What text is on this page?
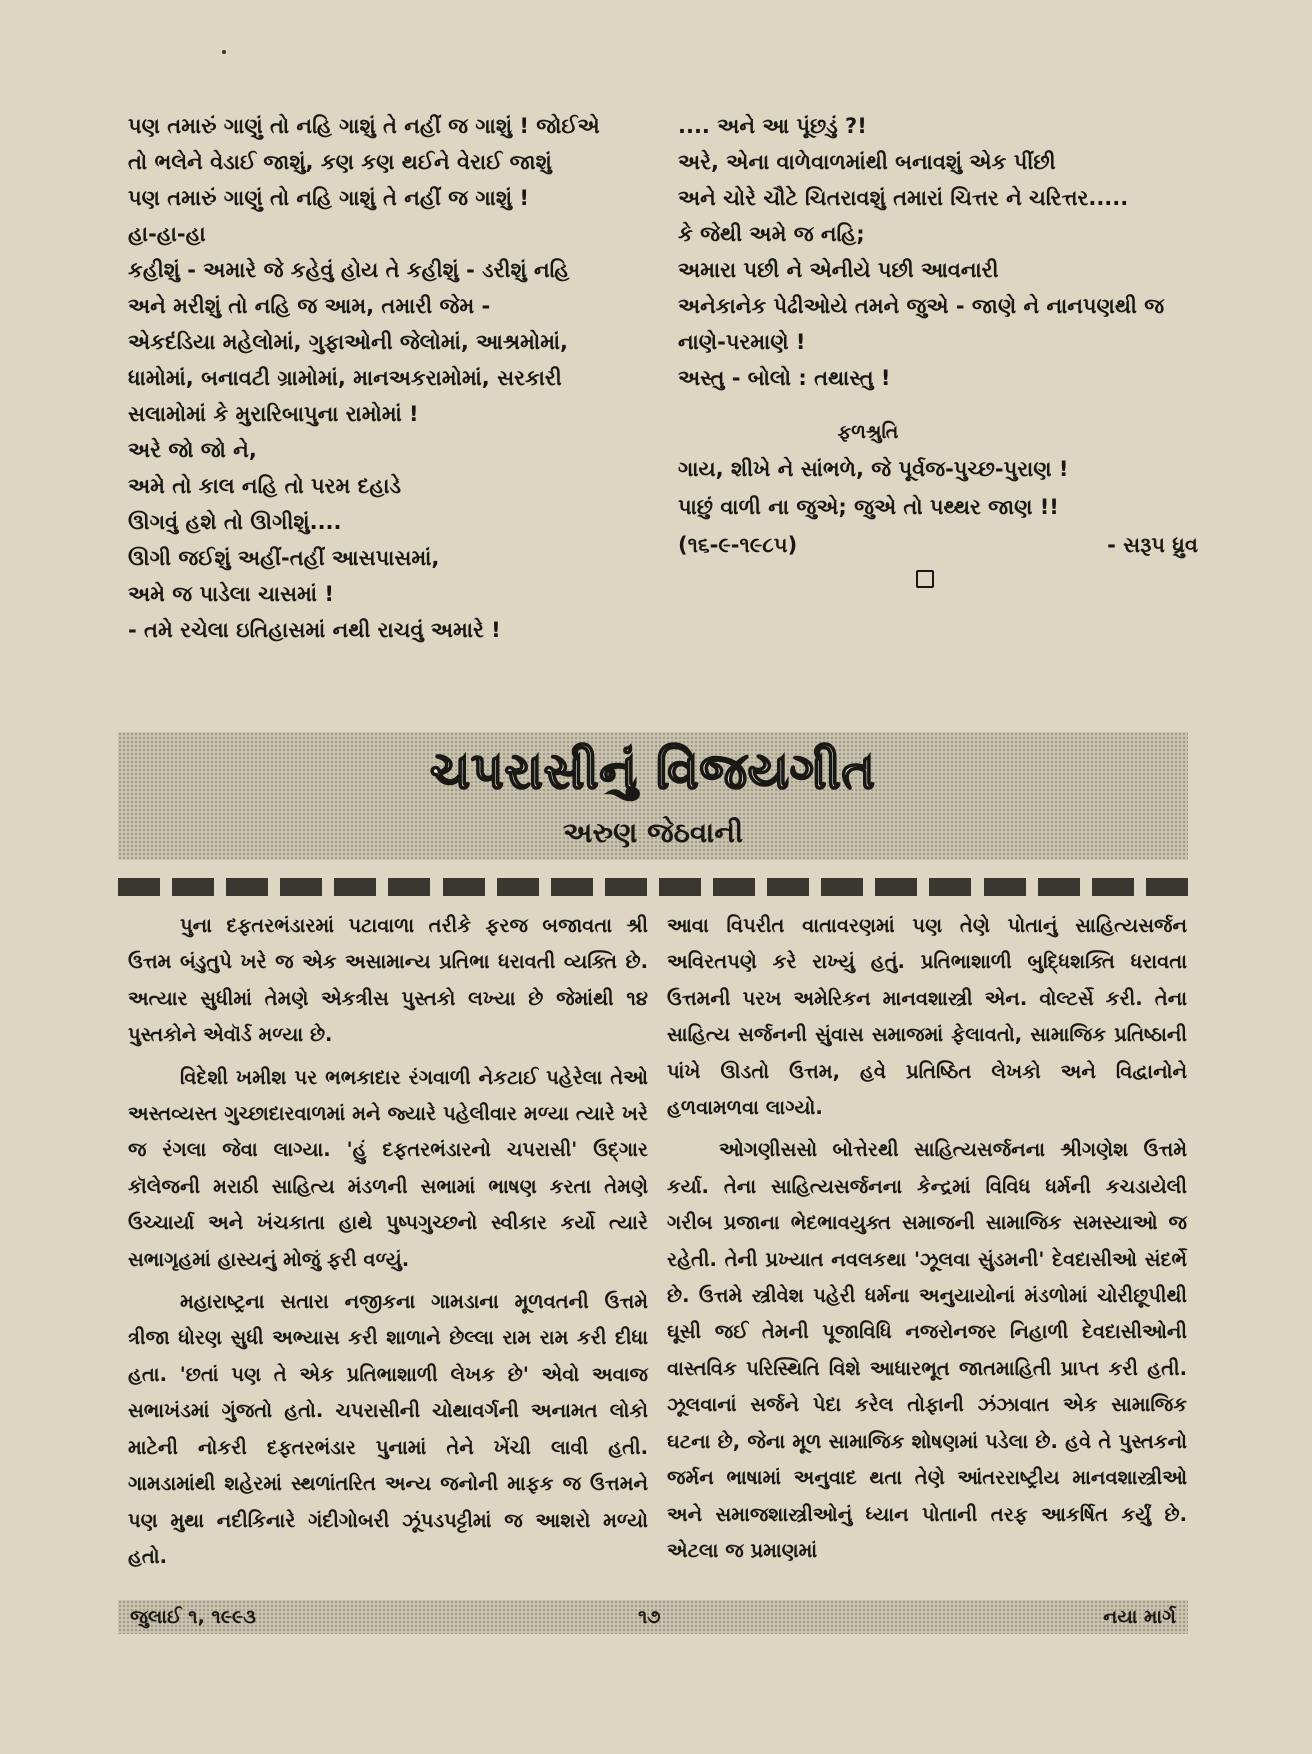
પણ તમારું ગાણું તો નહિ ગાશું તે નહીં જ ગાશું ! જોઈએ
તો ભલેને વેડાઈ જાશું, કણ કણ થઈને વેરાઈ જાશું
પણ તમારું ગાણું તો નહિ ગાશું તે નહીં જ ગાશું !
હા-હા-હા
કહીશું - અમારે જે કહેવું હોય તે કહીશું - ડરીશું નહિ
અને મરીશું તો નહિ જ આમ, તમારી જેમ -
એકદંડિયા મહેલોમાં, ગુફાઓની જેલોમાં, આશ્રમોમાં,
ધામોમાં, બનાવટી ગ્રામોમાં, માનઅકરામોમાં, સરકારી
સલામોમાં કે મુરારિબાપુના રામોમાં !
અરે જો જો ને,
અમે તો કાલ નહિ તો પરમ દહાડે
ઊગવું હશે તો ઊગીશું....
ઊગી જઈશું અહીં-તહીં આસપાસમાં,
અમે જ પાડેલા ચાસમાં !
- તમે રચેલા ઇતિહાસમાં નથી રાચવું અમારે !
.... અને આ પૂંછડું ?!
અરે, એના વાળેવાળમાંથી બનાવશું એક પીંછી
અને ચોરે ચૌટે ચિતરાવશું તમારાં ચિત્તર ને ચરિત્તર.....
કે જેથી અમે જ નહિ;
અમારા પછી ને એનીયે પછી આવનારી
અનેકાનેક પેઢીઓયે તમને જુએ - જાણે ને નાનપણથી જ
નાણે-પરમાણે !
અસ્તુ - બોલો : તથાસ્તુ !
ફળશ્રુતિ
ગાય, શીખે ને સાંભળે, જે પૂર્વજ-પુચ્છ-પુરાણ !
પાછું વાળી ના જુએ; જુએ તો પથ્થર જાણ !!
(૧૬-૯-૧૯૮૫)	- સરૂપ ધ્રુવ
ચપરાસીનું વિજયગીત
અરુણ જેઠવાની

પુના દફતરભંડારમાં પટાવાળા તરીકે ફરજ બજાવતા શ્રી ઉત્તમ બંડુતુપે ખરે જ એક અસામાન્ય પ્રતિભા ધરાવતી વ્યક્તિ છે. અત્યાર સુધીમાં તેમણે એકત્રીસ પુસ્તકો લખ્યા છે જેમાંથી ૧૪ પુસ્તકોને એવૉર્ડ મળ્યા છે.

વિદેશી ખમીશ પર ભભકાદાર રંગવાળી નેકટાઈ પહેરેલા તેઓ અસ્તવ્યસ્ત ગુચ્છાદારવાળમાં મને જ્યારે પહેલીવાર મળ્યા ત્યારે ખરે જ રંગલા જેવા લાગ્યા. 'હું દફતરભંડારનો ચપરાસી' ઉદ્‌ગાર કૉલેજની મરાઠી સાહિત્ય મંડળની સભામાં ભાષણ કરતા તેમણે ઉચ્ચાર્યા અને ખંચકાતા હાથે પુષ્પગુચ્છનો સ્વીકાર કર્યો ત્યારે સભાગૃહમાં હાસ્યનું મોજું ફરી વળ્યું.

મહારાષ્ટ્રના સતારા નજીકના ગામડાના મૂળવતની ઉત્તમે ત્રીજા ધોરણ સુધી અભ્યાસ કરી શાળાને છેલ્લા રામ રામ કરી દીધા હતા. 'છતાં પણ તે એક પ્રતિભાશાળી લેખક છે' એવો અવાજ સભાખંડમાં ગુંજતો હતો. ચપરાસીની ચોથાવર્ગની અનામત લોકો માટેની નોકરી દફતરભંડાર પુનામાં તેને ખેંચી લાવી હતી. ગામડામાંથી શહેરમાં સ્થળાંતરિત અન્ય જનોની માફક જ ઉત્તમને પણ મુથા નદીકિનારે ગંદીગોબરી ઝૂંપડપટ્ટીમાં જ આશરો મળ્યો હતો.

આવા વિપરીત વાતાવરણમાં પણ તેણે પોતાનું સાહિત્યસર્જન અવિરતપણે કરે રાખ્યું હતું. પ્રતિભાશાળી બુદ્ધિશક્તિ ધરાવતા ઉત્તમની પરખ અમેરિકન માનવશાસ્ત્રી એન. વોલ્ટર્સે કરી. તેના સાહિત્ય સર્જનની સુંવાસ સમાજમાં ફેલાવતો, સામાજિક પ્રતિષ્ઠાની પાંખે ઊડતો ઉત્તમ, હવે પ્રતિષ્ઠિત લેખકો અને વિદ્વાનોને હળવામળવા લાગ્યો.

ઓગણીસસો બોત્તેરથી સાહિત્યસર્જનના શ્રીગણેશ ઉત્તમે કર્યા. તેના સાહિત્યસર્જનના કેન્દ્રમાં વિવિધ ધર્મની કચડાયેલી ગરીબ પ્રજાના ભેદભાવયુક્ત સમાજની સામાજિક સમસ્યાઓ જ રહેતી. તેની પ્રખ્યાત નવલકથા 'ઝૂલવા સુંડમની' દેવદાસીઓ સંદર્ભે છે. ઉત્તમે સ્ત્રીવેશ પહેરી ધર્મના અનુયાયોનાં મંડળોમાં ચોરીછૂપીથી ઘૂસી જઈ તેમની પૂજાવિધિ નજરોનજર નિહાળી દેવદાસીઓની વાસ્તવિક પરિસ્થિતિ વિશે આધારભૂત જાતમાહિતી પ્રાપ્ત કરી હતી. ઝૂલવાનાં સર્જને પેદા કરેલ તોફાની ઝંઝાવાત એક સામાજિક ઘટના છે, જેના મૂળ સામાજિક શોષણમાં પડેલા છે. હવે તે પુસ્તકનો જર્મન ભાષામાં અનુવાદ થતા તેણે આંતરરાષ્ટ્રીય માનવશાસ્ત્રીઓ અને સમાજશાસ્ત્રીઓનું ધ્યાન પોતાની તરફ આકર્ષિત કર્યું છે. એટલા જ પ્રમાણમાં

જુલાઈ ૧, ૧૯૯૩	૧૭	નયા માર્ગ
